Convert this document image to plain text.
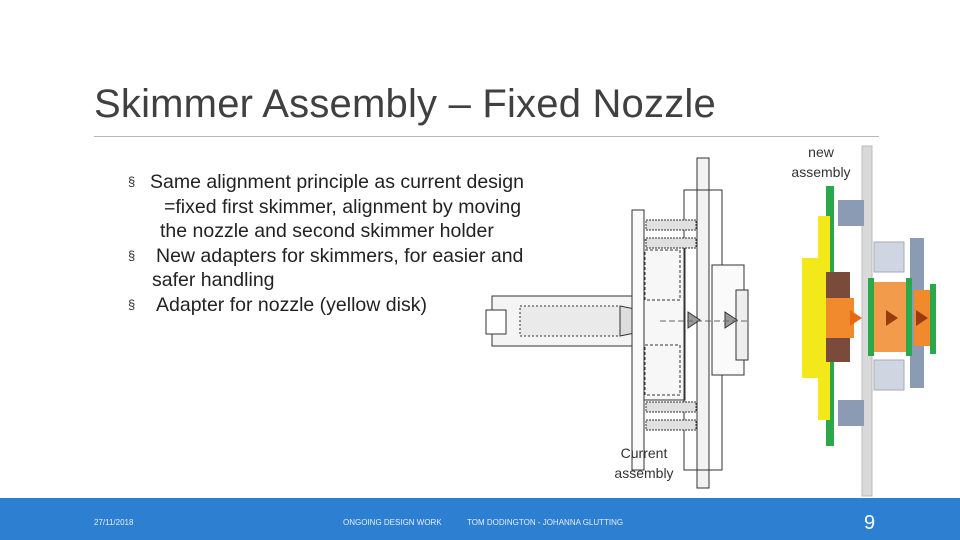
Skimmer Assembly – Fixed Nozzle
§ Same alignment principle as current design
=fixed first skimmer, alignment by moving
the nozzle and second skimmer holder
§	New adapters for skimmers, for easier and
safer handling
§	Adapter for nozzle (yellow disk)
new
assembly
Current
assembly
27/11/2018	ONGOING DESIGN WORK	TOM DODINGTON - JOHANNA GLUTTING	9
